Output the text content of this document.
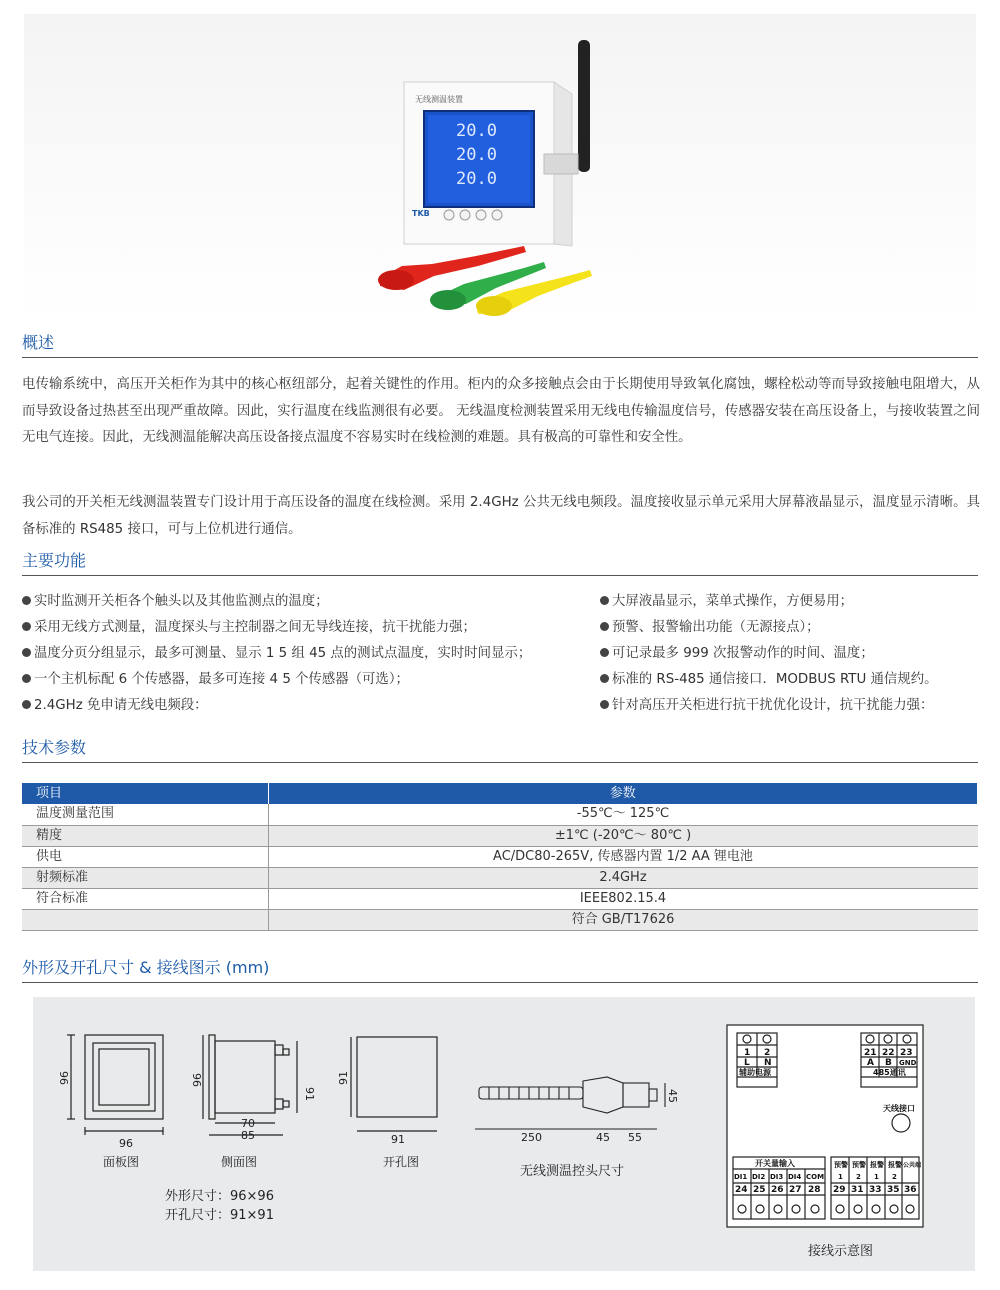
无线测温装置
20.0
20.0
20.0
TKB
概述
电传输系统中，高压开关柜作为其中的核心枢纽部分，起着关键性的作用。柜内的众多接触点会由于长期使用导致氧化腐蚀，螺栓松动等而导致接触电阻增大，从而导致设备过热甚至出现严重故障。因此，实行温度在线监测很有必要。 无线温度检测装置采用无线电传输温度信号，传感器安装在高压设备上，与接收装置之间无电气连接。因此，无线测温能解决高压设备接点温度不容易实时在线检测的难题。具有极高的可靠性和安全性。
我公司的开关柜无线测温装置专门设计用于高压设备的温度在线检测。采用 2.4GHz 公共无线电频段。温度接收显示单元采用大屏幕液晶显示，温度显示清晰。具备标准的 RS485 接口，可与上位机进行通信。
主要功能
实时监测开关柜各个触头以及其他监测点的温度；
采用无线方式测量，温度探头与主控制器之间无导线连接，抗干扰能力强；
温度分页分组显示，最多可测量、显示 1 5 组 45 点的测试点温度，实时时间显示；
一个主机标配 6 个传感器，最多可连接 4 5 个传感器（可选）；
2.4GHz 免申请无线电频段：
大屏液晶显示，菜单式操作，方便易用；
预警、报警输出功能（无源接点）；
可记录最多 999 次报警动作的时间、温度；
标准的 RS-485 通信接口．MODBUS RTU 通信规约。
针对高压开关柜进行抗干扰优化设计，抗干扰能力强：
技术参数
项目	参数
温度测量范围	-55℃～ 125℃
精度	±1℃ (-20℃～ 80℃ )
供电	AC/DC80-265V, 传感器内置 1/2 AA 锂电池
射频标准	2.4GHz
符合标准	IEEE802.15.4
	符合 GB/T17626
外形及开孔尺寸 & 接线图示 (mm)
96
96	96
91
70
85
91
91	250	45 55
45
1 2
L N
辅助电源
21 22 23
A B GND
485通讯
天线接口
开关量输入
DI1 DI2 DI3 DI4 COM
24 25 26 27 28
预警 预警 报警 报警 公共端
1 2 1 2
29 31 33 35 36
面板图	侧面图	开孔图
无线测温控头尺寸
接线示意图
外形尺寸：96×96
开孔尺寸：91×91
